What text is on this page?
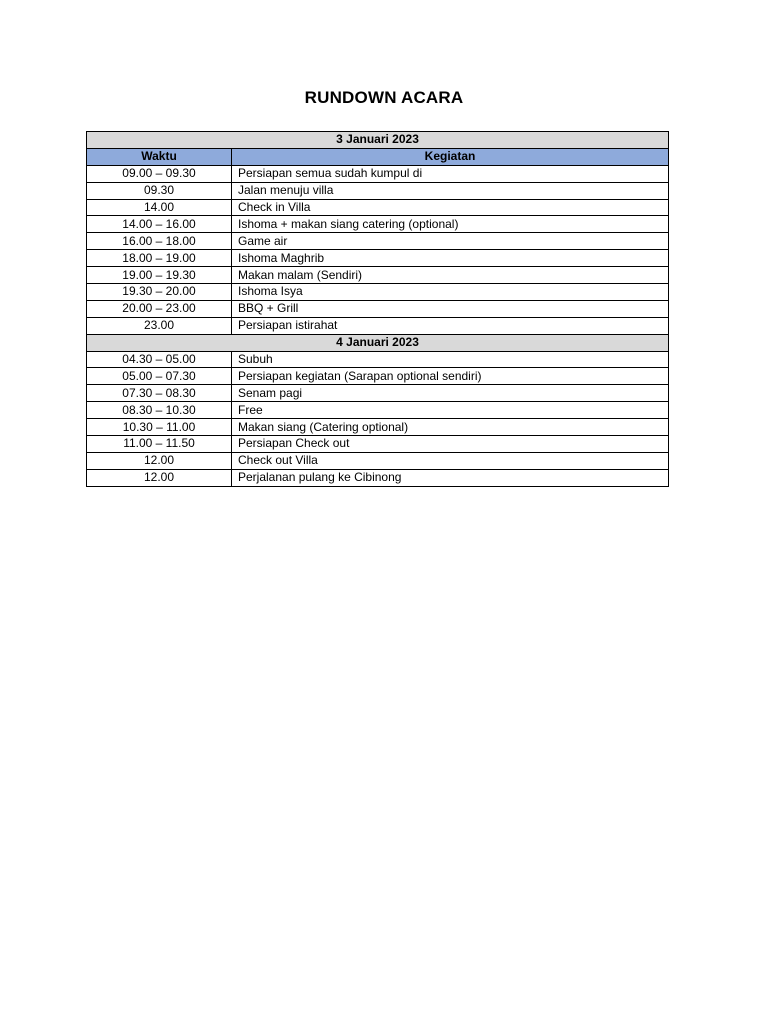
RUNDOWN ACARA
3 Januari 2023	
Waktu	Kegiatan
09.00 – 09.30	Persiapan semua sudah kumpul di
09.30	Jalan menuju villa
14.00	Check in Villa
14.00 – 16.00	Ishoma + makan siang catering (optional)
16.00 – 18.00	Game air
18.00 – 19.00	Ishoma Maghrib
19.00 – 19.30	Makan malam (Sendiri)
19.30 – 20.00	Ishoma Isya
20.00 – 23.00	BBQ + Grill
23.00	Persiapan istirahat
4 Januari 2023	
04.30 – 05.00	Subuh
05.00 – 07.30	Persiapan kegiatan (Sarapan optional sendiri)
07.30 – 08.30	Senam pagi
08.30 – 10.30	Free
10.30 – 11.00	Makan siang (Catering optional)
11.00 – 11.50	Persiapan Check out
12.00	Check out Villa
12.00	Perjalanan pulang ke Cibinong
